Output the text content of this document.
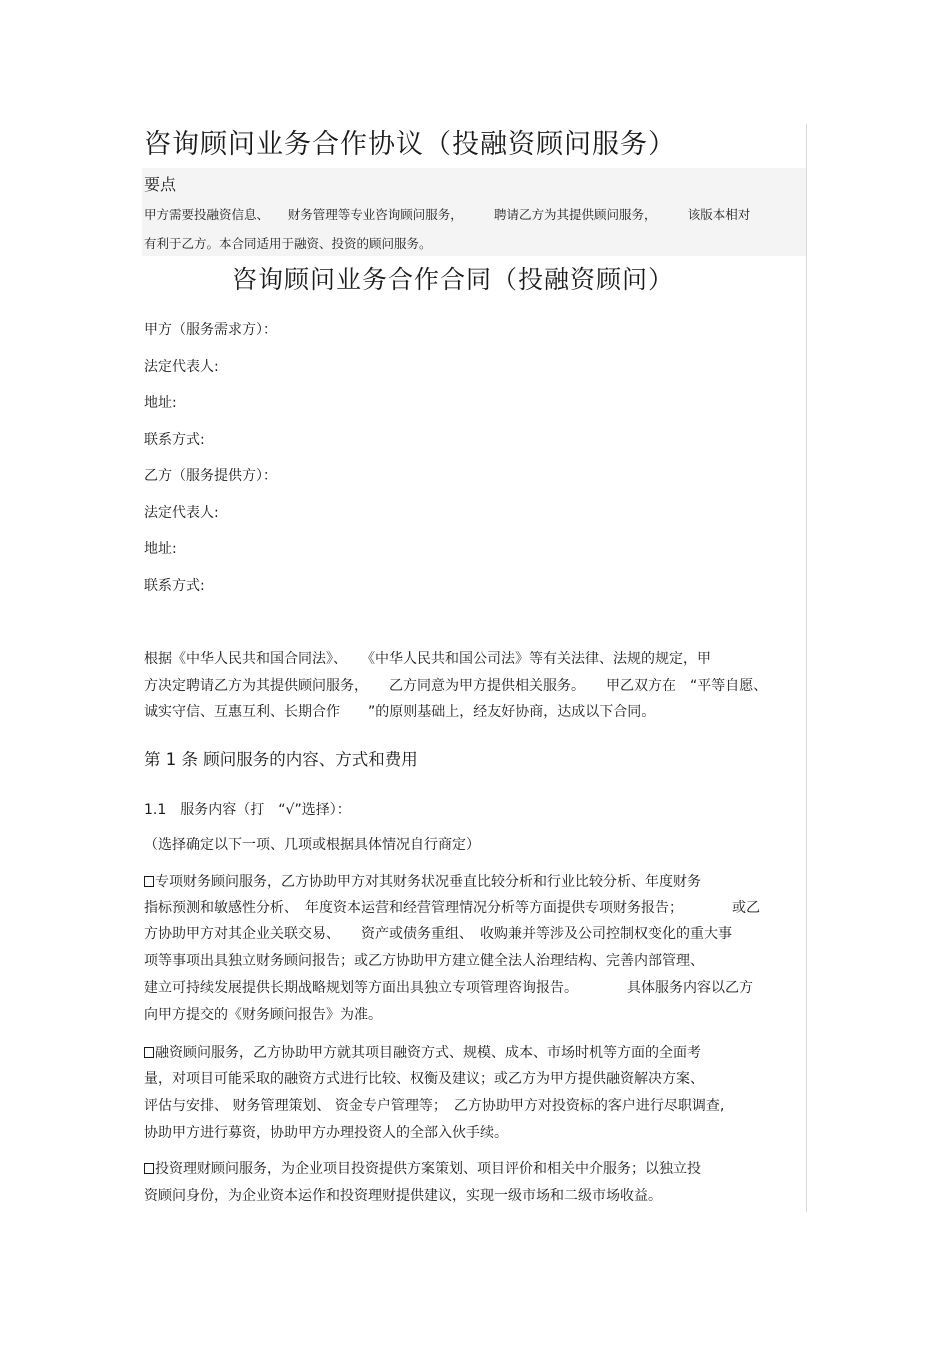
咨询顾问业务合作协议（投融资顾问服务）
要点
甲方需要投融资信息、　　财务管理等专业咨询顾问服务，　　　聘请乙方为其提供顾问服务，　　　该版本相对
有利于乙方。本合同适用于融资、投资的顾问服务。
咨询顾问业务合作合同（投融资顾问）
甲方（服务需求方）：
法定代表人:
地址:
联系方式:
乙方（服务提供方）：
法定代表人:
地址:
联系方式:
根据《中华人民共和国合同法》、　　《中华人民共和国公司法》等有关法律、法规的规定，甲
方决定聘请乙方为其提供顾问服务，　　乙方同意为甲方提供相关服务。　　甲乙双方在　“平等自愿、
诚实守信、互惠互利、长期合作　　”的原则基础上，经友好协商，达成以下合同。
第 1 条 顾问服务的内容、方式和费用
1.1　服务内容（打　“√”选择）：
（选择确定以下一项、几项或根据具体情况自行商定）
专项财务顾问服务，乙方协助甲方对其财务状况垂直比较分析和行业比较分析、年度财务
指标预测和敏感性分析、　年度资本运营和经营管理情况分析等方面提供专项财务报告；　　　　或乙
方协助甲方对其企业关联交易、　　资产或债务重组、　收购兼并等涉及公司控制权变化的重大事
项等事项出具独立财务顾问报告；或乙方协助甲方建立健全法人治理结构、完善内部管理、
建立可持续发展提供长期战略规划等方面出具独立专项管理咨询报告。　　　　具体服务内容以乙方
向甲方提交的《财务顾问报告》为准。
融资顾问服务，乙方协助甲方就其项目融资方式、规模、成本、市场时机等方面的全面考
量，对项目可能采取的融资方式进行比较、权衡及建议；或乙方为甲方提供融资解决方案、
评估与安排、 财务管理策划、 资金专户管理等；　乙方协助甲方对投资标的客户进行尽职调查,
协助甲方进行募资，协助甲方办理投资人的全部入伙手续。
投资理财顾问服务，为企业项目投资提供方案策划、项目评价和相关中介服务；以独立投
资顾问身份，为企业资本运作和投资理财提供建议，实现一级市场和二级市场收益。
